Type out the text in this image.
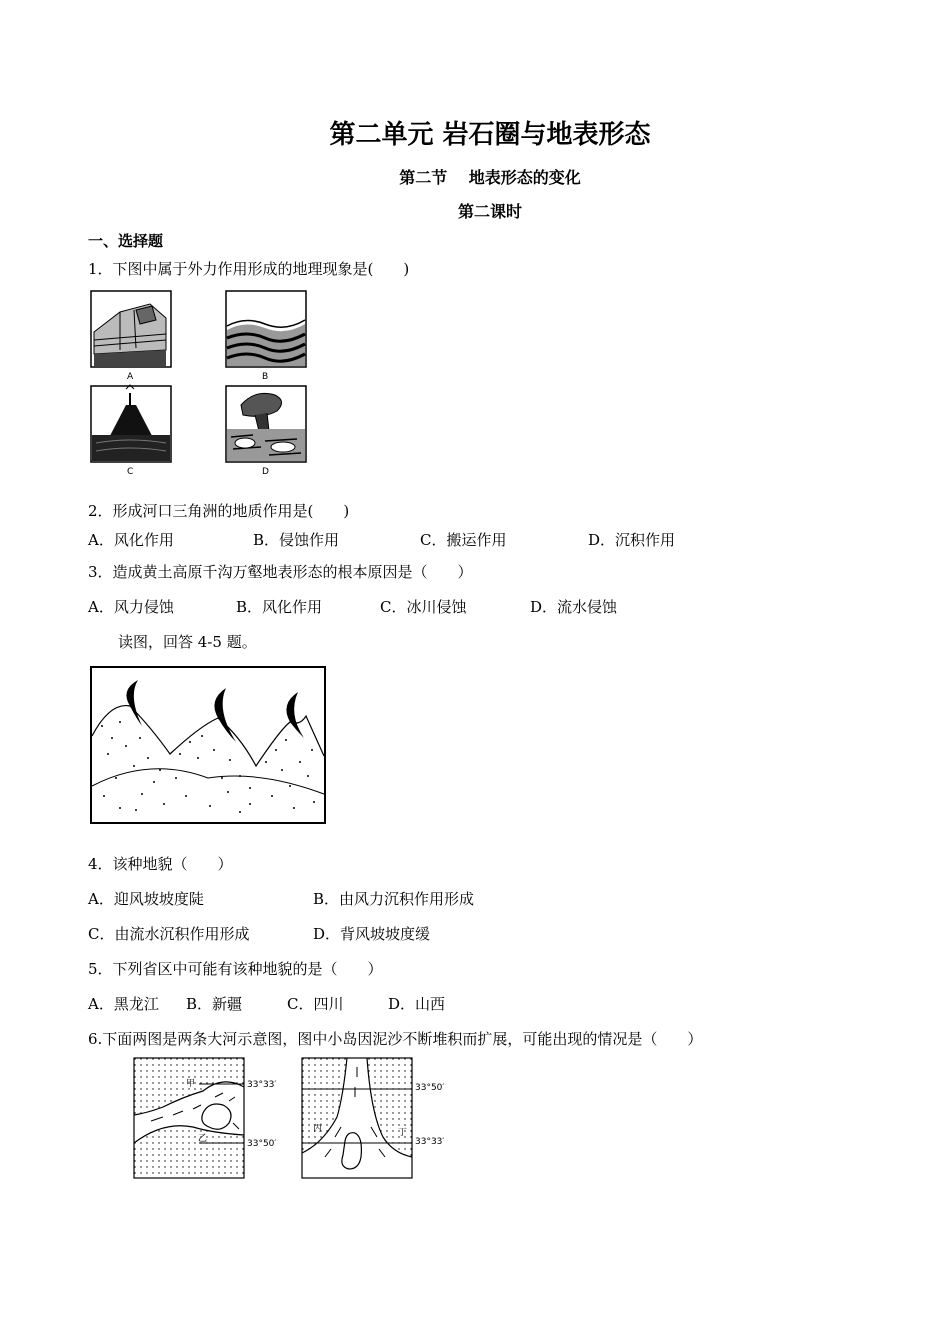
第二单元 岩石圈与地表形态
第二节　 地表形态的变化
第二课时
一、选择题
1．下图中属于外力作用形成的地理现象是(　　)
A	B
C	D
2．形成河口三角洲的地质作用是(　　)
A．风化作用	B．侵蚀作用	C．搬运作用	D．沉积作用
3．造成黄土高原千沟万壑地表形态的根本原因是（　　）
A．风力侵蚀	B．风化作用	C．冰川侵蚀	D．流水侵蚀
读图，回答 4-5 题。
4．该种地貌（　　）
A．迎风坡坡度陡	B．由风力沉积作用形成
C．由流水沉积作用形成	D．背风坡坡度缓
5．下列省区中可能有该种地貌的是（　　）
A．黑龙江 B．新疆	C．四川	D．山西
6.下面两图是两条大河示意图，图中小岛因泥沙不断堆积而扩展，可能出现的情况是（　　）
甲
乙
33°33′
33°50′
丙	丁
33°50′
33°33′
